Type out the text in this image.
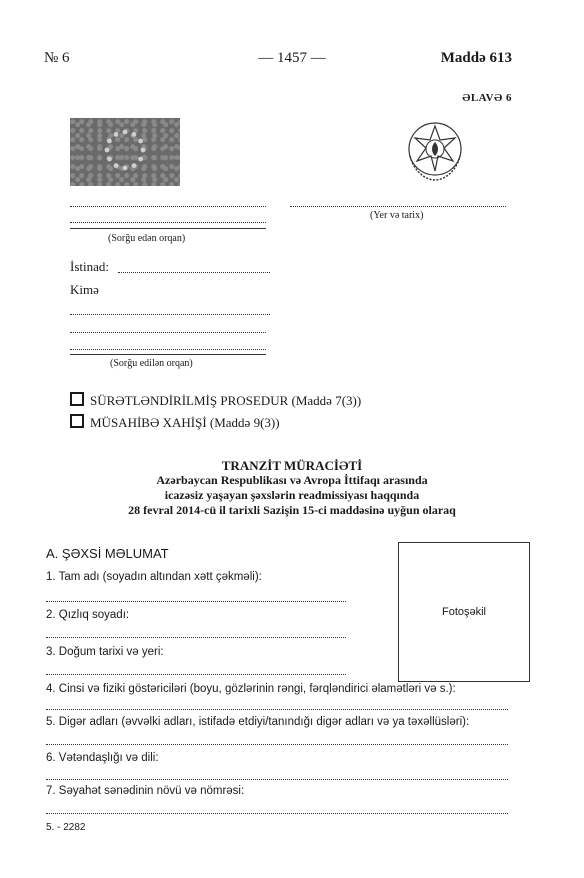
№ 6	— 1457 —	Maddə 613
ƏLAVƏ 6
(Sorğu edən orqan)
(Yer və tarix)
İstinad:
Kimə
(Sorğu edilən orqan)
SÜRƏTLƏNDİRİLMİŞ PROSEDUR (Maddə 7(3))
MÜSAHİBƏ XAHİŞİ (Maddə 9(3))
TRANZİT MÜRACİƏTİ
Azərbaycan Respublikası və Avropa İttifaqı arasında
icazəsiz yaşayan şəxslərin readmissiyası haqqında
28 fevral 2014-cü il tarixli Sazişin 15-ci maddəsinə uyğun olaraq
A. ŞƏXSİ MƏLUMAT
Fotoşəkil
1. Tam adı (soyadın altından xətt çəkməli):
2. Qızlıq soyadı:
3. Doğum tarixi və yeri:
4. Cinsi və fiziki göstəriciləri (boyu, gözlərinin rəngi, fərqləndirici əlamətləri və s.):
5. Digər adları (əvvəlki adları, istifadə etdiyi/tanındığı digər adları və ya təxəllüsləri):
6. Vətəndaşlığı və dili:
7. Səyahət sənədinin növü və nömrəsi:
5. - 2282
